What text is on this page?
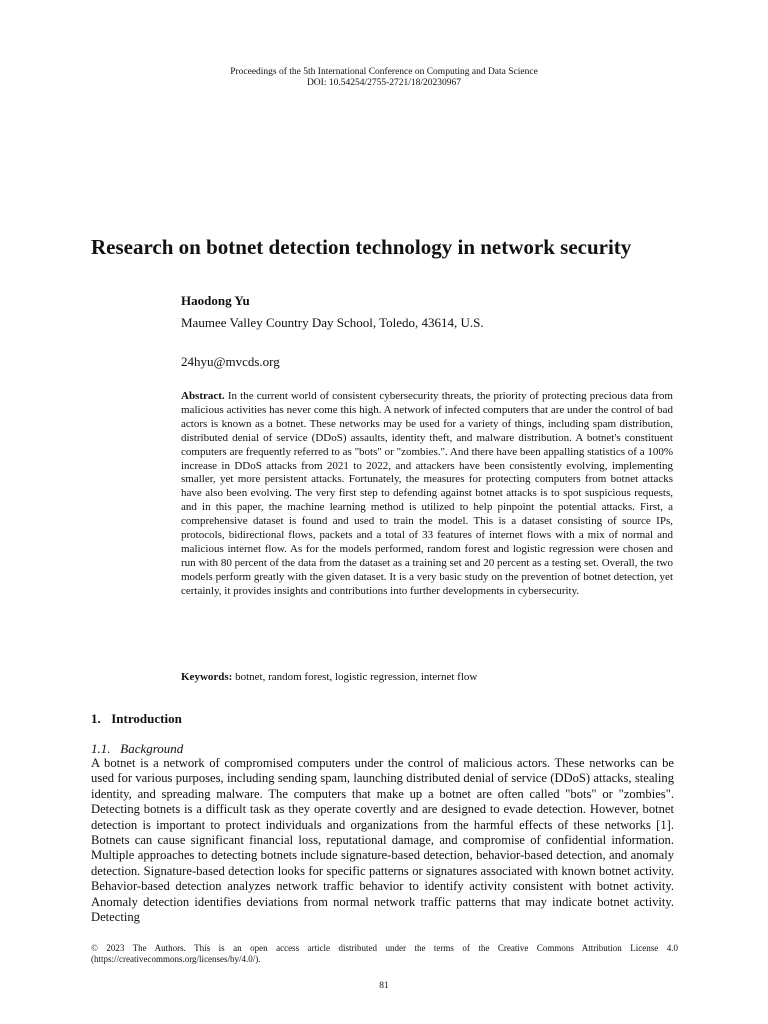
Proceedings of the 5th International Conference on Computing and Data Science
DOI: 10.54254/2755-2721/18/20230967
Research on botnet detection technology in network security
Haodong Yu
Maumee Valley Country Day School, Toledo, 43614, U.S.
24hyu@mvcds.org
Abstract. In the current world of consistent cybersecurity threats, the priority of protecting precious data from malicious activities has never come this high. A network of infected computers that are under the control of bad actors is known as a botnet. These networks may be used for a variety of things, including spam distribution, distributed denial of service (DDoS) assaults, identity theft, and malware distribution. A botnet's constituent computers are frequently referred to as "bots" or "zombies.". And there have been appalling statistics of a 100% increase in DDoS attacks from 2021 to 2022, and attackers have been consistently evolving, implementing smaller, yet more persistent attacks. Fortunately, the measures for protecting computers from botnet attacks have also been evolving. The very first step to defending against botnet attacks is to spot suspicious requests, and in this paper, the machine learning method is utilized to help pinpoint the potential attacks. First, a comprehensive dataset is found and used to train the model. This is a dataset consisting of source IPs, protocols, bidirectional flows, packets and a total of 33 features of internet flows with a mix of normal and malicious internet flow. As for the models performed, random forest and logistic regression were chosen and run with 80 percent of the data from the dataset as a training set and 20 percent as a testing set. Overall, the two models perform greatly with the given dataset. It is a very basic study on the prevention of botnet detection, yet certainly, it provides insights and contributions into further developments in cybersecurity.
Keywords: botnet, random forest, logistic regression, internet flow
1. Introduction
1.1. Background
A botnet is a network of compromised computers under the control of malicious actors. These networks can be used for various purposes, including sending spam, launching distributed denial of service (DDoS) attacks, stealing identity, and spreading malware. The computers that make up a botnet are often called "bots" or "zombies". Detecting botnets is a difficult task as they operate covertly and are designed to evade detection. However, botnet detection is important to protect individuals and organizations from the harmful effects of these networks [1]. Botnets can cause significant financial loss, reputational damage, and compromise of confidential information. Multiple approaches to detecting botnets include signature-based detection, behavior-based detection, and anomaly detection. Signature-based detection looks for specific patterns or signatures associated with known botnet activity. Behavior-based detection analyzes network traffic behavior to identify activity consistent with botnet activity. Anomaly detection identifies deviations from normal network traffic patterns that may indicate botnet activity. Detecting
© 2023 The Authors. This is an open access article distributed under the terms of the Creative Commons Attribution License 4.0 (https://creativecommons.org/licenses/by/4.0/).
81
